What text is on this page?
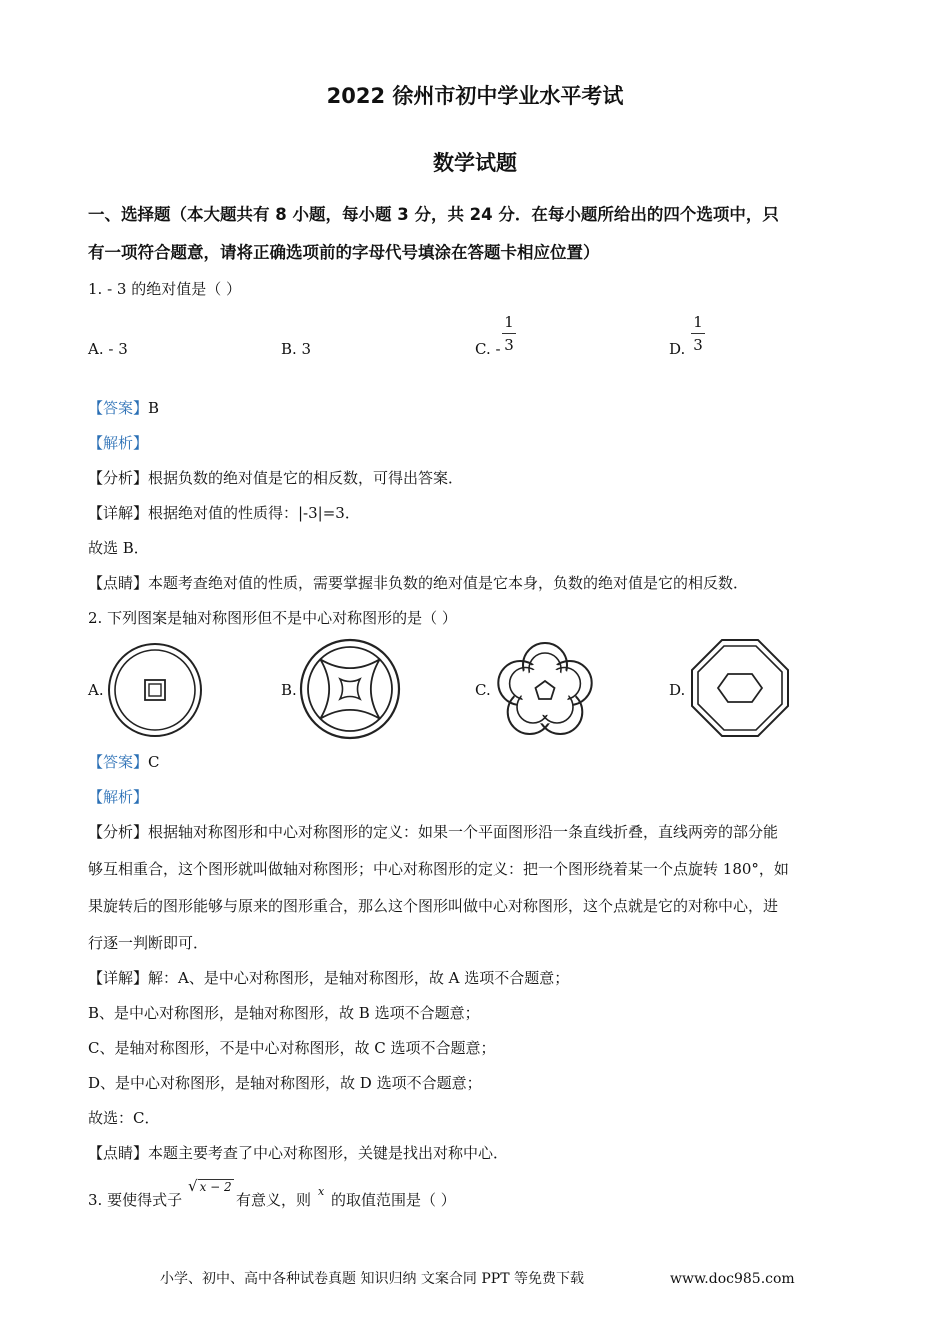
2022 徐州市初中学业水平考试
数学试题
一、选择题（本大题共有 8 小题，每小题 3 分，共 24 分．在每小题所给出的四个选项中，只
有一项符合题意，请将正确选项前的字母代号填涂在答题卡相应位置）
1. - 3 的绝对值是（ ）
A. - 3	B. 3	C. -
1
3	D.
1
3
【答案】B
【解析】
【分析】根据负数的绝对值是它的相反数，可得出答案．
【详解】根据绝对值的性质得：|-3|=3．
故选 B．
【点睛】本题考查绝对值的性质，需要掌握非负数的绝对值是它本身，负数的绝对值是它的相反数．
2. 下列图案是轴对称图形但不是中心对称图形的是（ ）
A.	B.	C.	D.
【答案】C
【解析】
【分析】根据轴对称图形和中心对称图形的定义：如果一个平面图形沿一条直线折叠，直线两旁的部分能
够互相重合，这个图形就叫做轴对称图形；中心对称图形的定义：把一个图形绕着某一个点旋转 180°，如
果旋转后的图形能够与原来的图形重合，那么这个图形叫做中心对称图形，这个点就是它的对称中心，进
行逐一判断即可．
【详解】解：A、是中心对称图形，是轴对称图形，故 A 选项不合题意；
B、是中心对称图形，是轴对称图形，故 B 选项不合题意；
C、是轴对称图形，不是中心对称图形，故 C 选项不合题意；
D、是中心对称图形，是轴对称图形，故 D 选项不合题意；
故选：C．
【点睛】本题主要考查了中心对称图形，关键是找出对称中心．
3. 要使得式子
√ x − 2
有意义，则 x 的取值范围是（ ）
小学、初中、高中各种试卷真题 知识归纳 文案合同 PPT 等免费下载	www.doc985.com
